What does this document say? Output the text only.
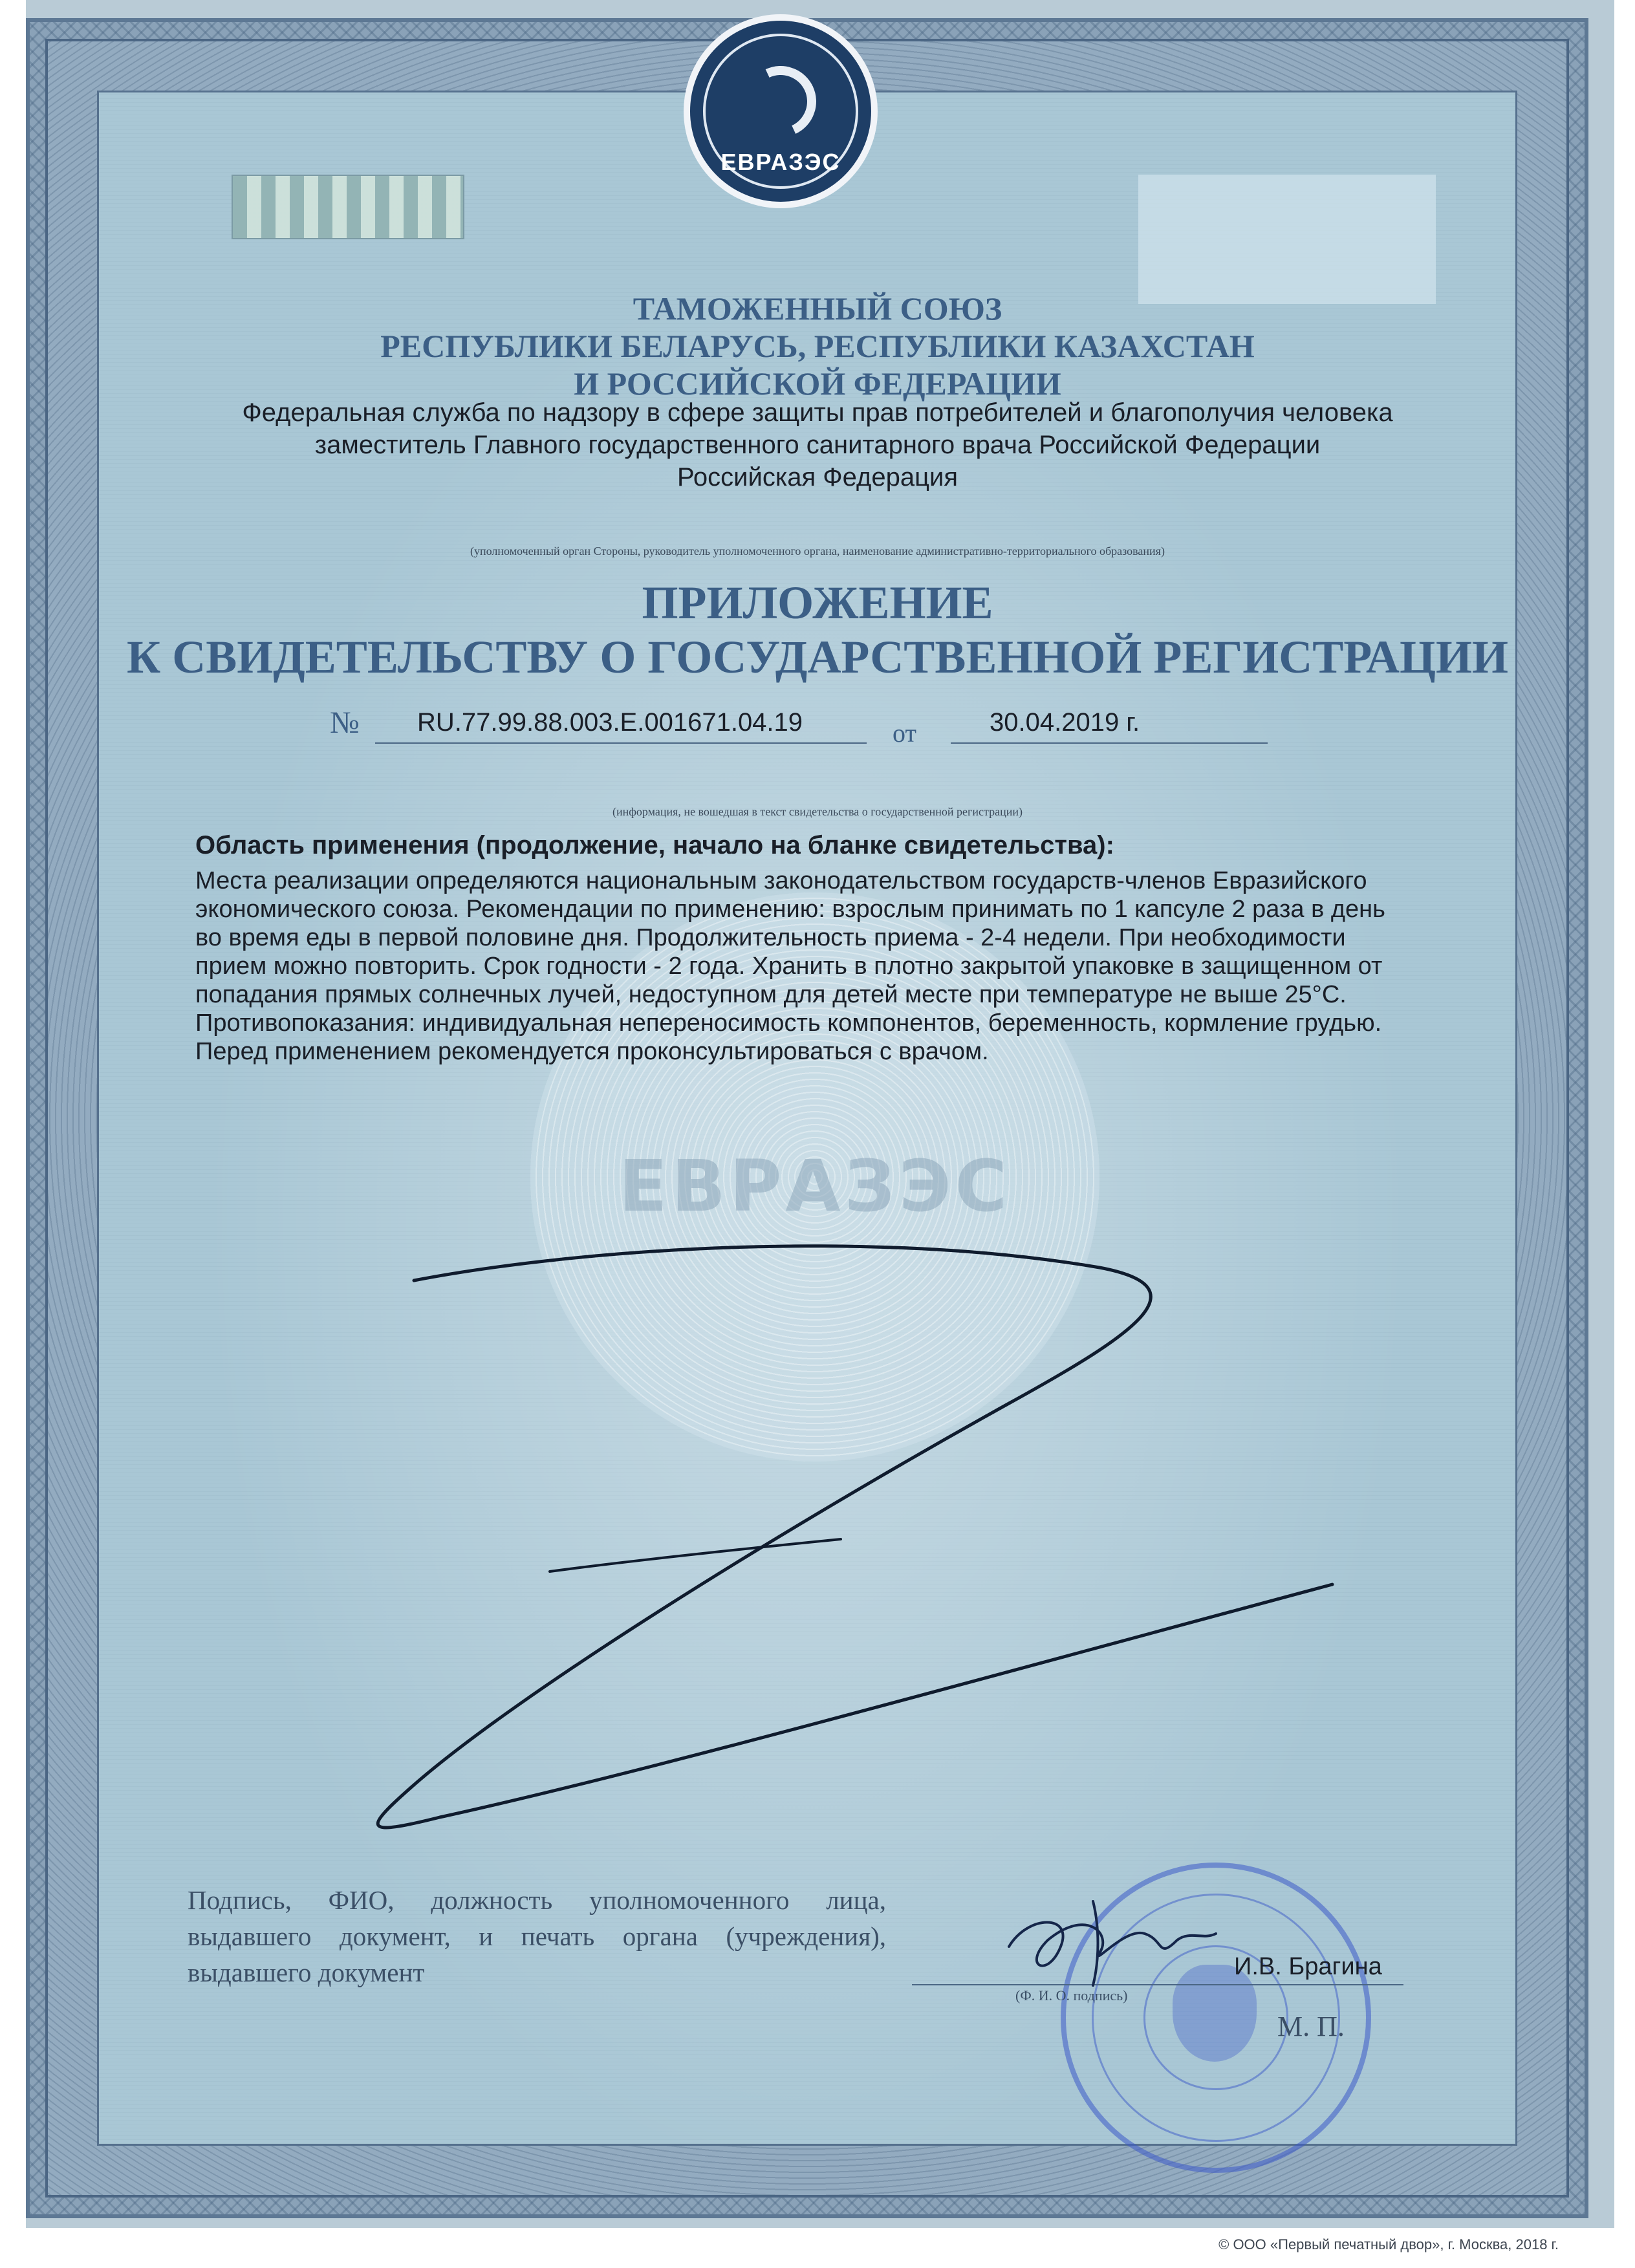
ЕВРАЗЭС
ЕВРАЗЭС
ТАМОЖЕННЫЙ СОЮЗ
РЕСПУБЛИКИ БЕЛАРУСЬ, РЕСПУБЛИКИ КАЗАХСТАН
И РОССИЙСКОЙ ФЕДЕРАЦИИ
Федеральная служба по надзору в сфере защиты прав потребителей и благополучия человека
заместитель Главного государственного санитарного врача Российской Федерации
Российская Федерация
(уполномоченный орган Стороны, руководитель уполномоченного органа, наименование административно-территориального образования)
ПРИЛОЖЕНИЕ
К СВИДЕТЕЛЬСТВУ О ГОСУДАРСТВЕННОЙ РЕГИСТРАЦИИ
№ RU.77.99.88.003.Е.001671.04.19	от	30.04.2019 г.
(информация, не вошедшая в текст свидетельства о государственной регистрации)
Область применения (продолжение, начало на бланке свидетельства):
Места реализации определяются национальным законодательством государств-членов Евразийского экономического союза. Рекомендации по применению: взрослым принимать по 1 капсуле 2 раза в день во время еды в первой половине дня. Продолжительность приема - 2-4 недели. При необходимости прием можно повторить. Срок годности - 2 года. Хранить в плотно закрытой упаковке в защищенном от попадания прямых солнечных лучей, недоступном для детей месте при температуре не выше 25°С. Противопоказания: индивидуальная непереносимость компонентов, беременность, кормление грудью. Перед применением рекомендуется проконсультироваться с врачом.
Подпись, ФИО, должность уполномоченного лица, выдавшего документ, и печать органа (учреждения), выдавшего документ	И.В. Брагина
(Ф. И. О. подпись)
М. П.
© ООО «Первый печатный двор», г. Москва, 2018 г.
